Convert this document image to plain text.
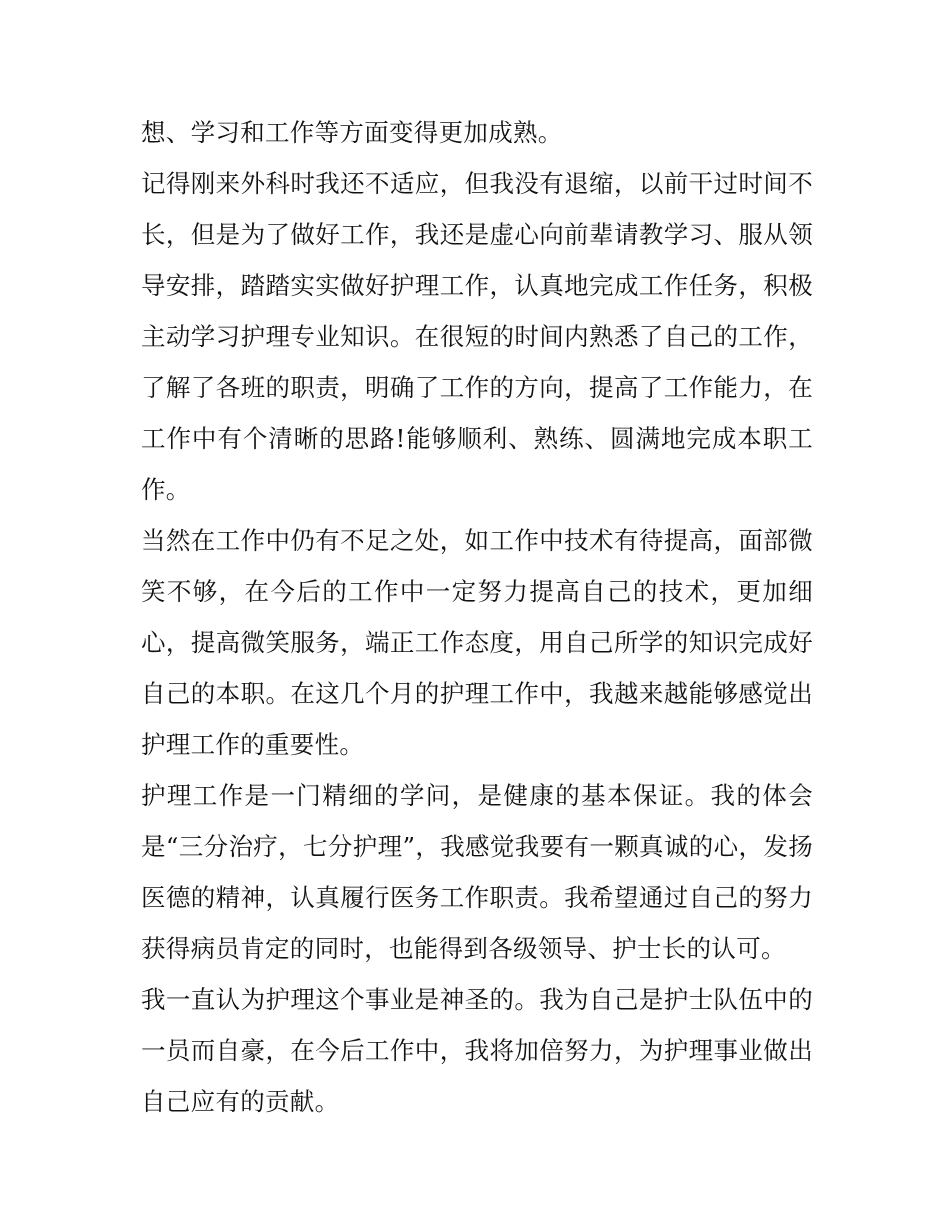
想、学习和工作等方面变得更加成熟。

记得刚来外科时我还不适应，但我没有退缩，以前干过时间不长，但是为了做好工作，我还是虚心向前辈请教学习、服从领导安排，踏踏实实做好护理工作，认真地完成工作任务，积极主动学习护理专业知识。在很短的时间内熟悉了自己的工作，了解了各班的职责，明确了工作的方向，提高了工作能力，在工作中有个清晰的思路!能够顺利、熟练、圆满地完成本职工作。

当然在工作中仍有不足之处，如工作中技术有待提高，面部微笑不够，在今后的工作中一定努力提高自己的技术，更加细心，提高微笑服务，端正工作态度，用自己所学的知识完成好自己的本职。在这几个月的护理工作中，我越来越能够感觉出护理工作的重要性。

护理工作是一门精细的学问，是健康的基本保证。我的体会是“三分治疗，七分护理”，我感觉我要有一颗真诚的心，发扬医德的精神，认真履行医务工作职责。我希望通过自己的努力获得病员肯定的同时，也能得到各级领导、护士长的认可。

我一直认为护理这个事业是神圣的。我为自己是护士队伍中的一员而自豪，在今后工作中，我将加倍努力，为护理事业做出自己应有的贡献。
